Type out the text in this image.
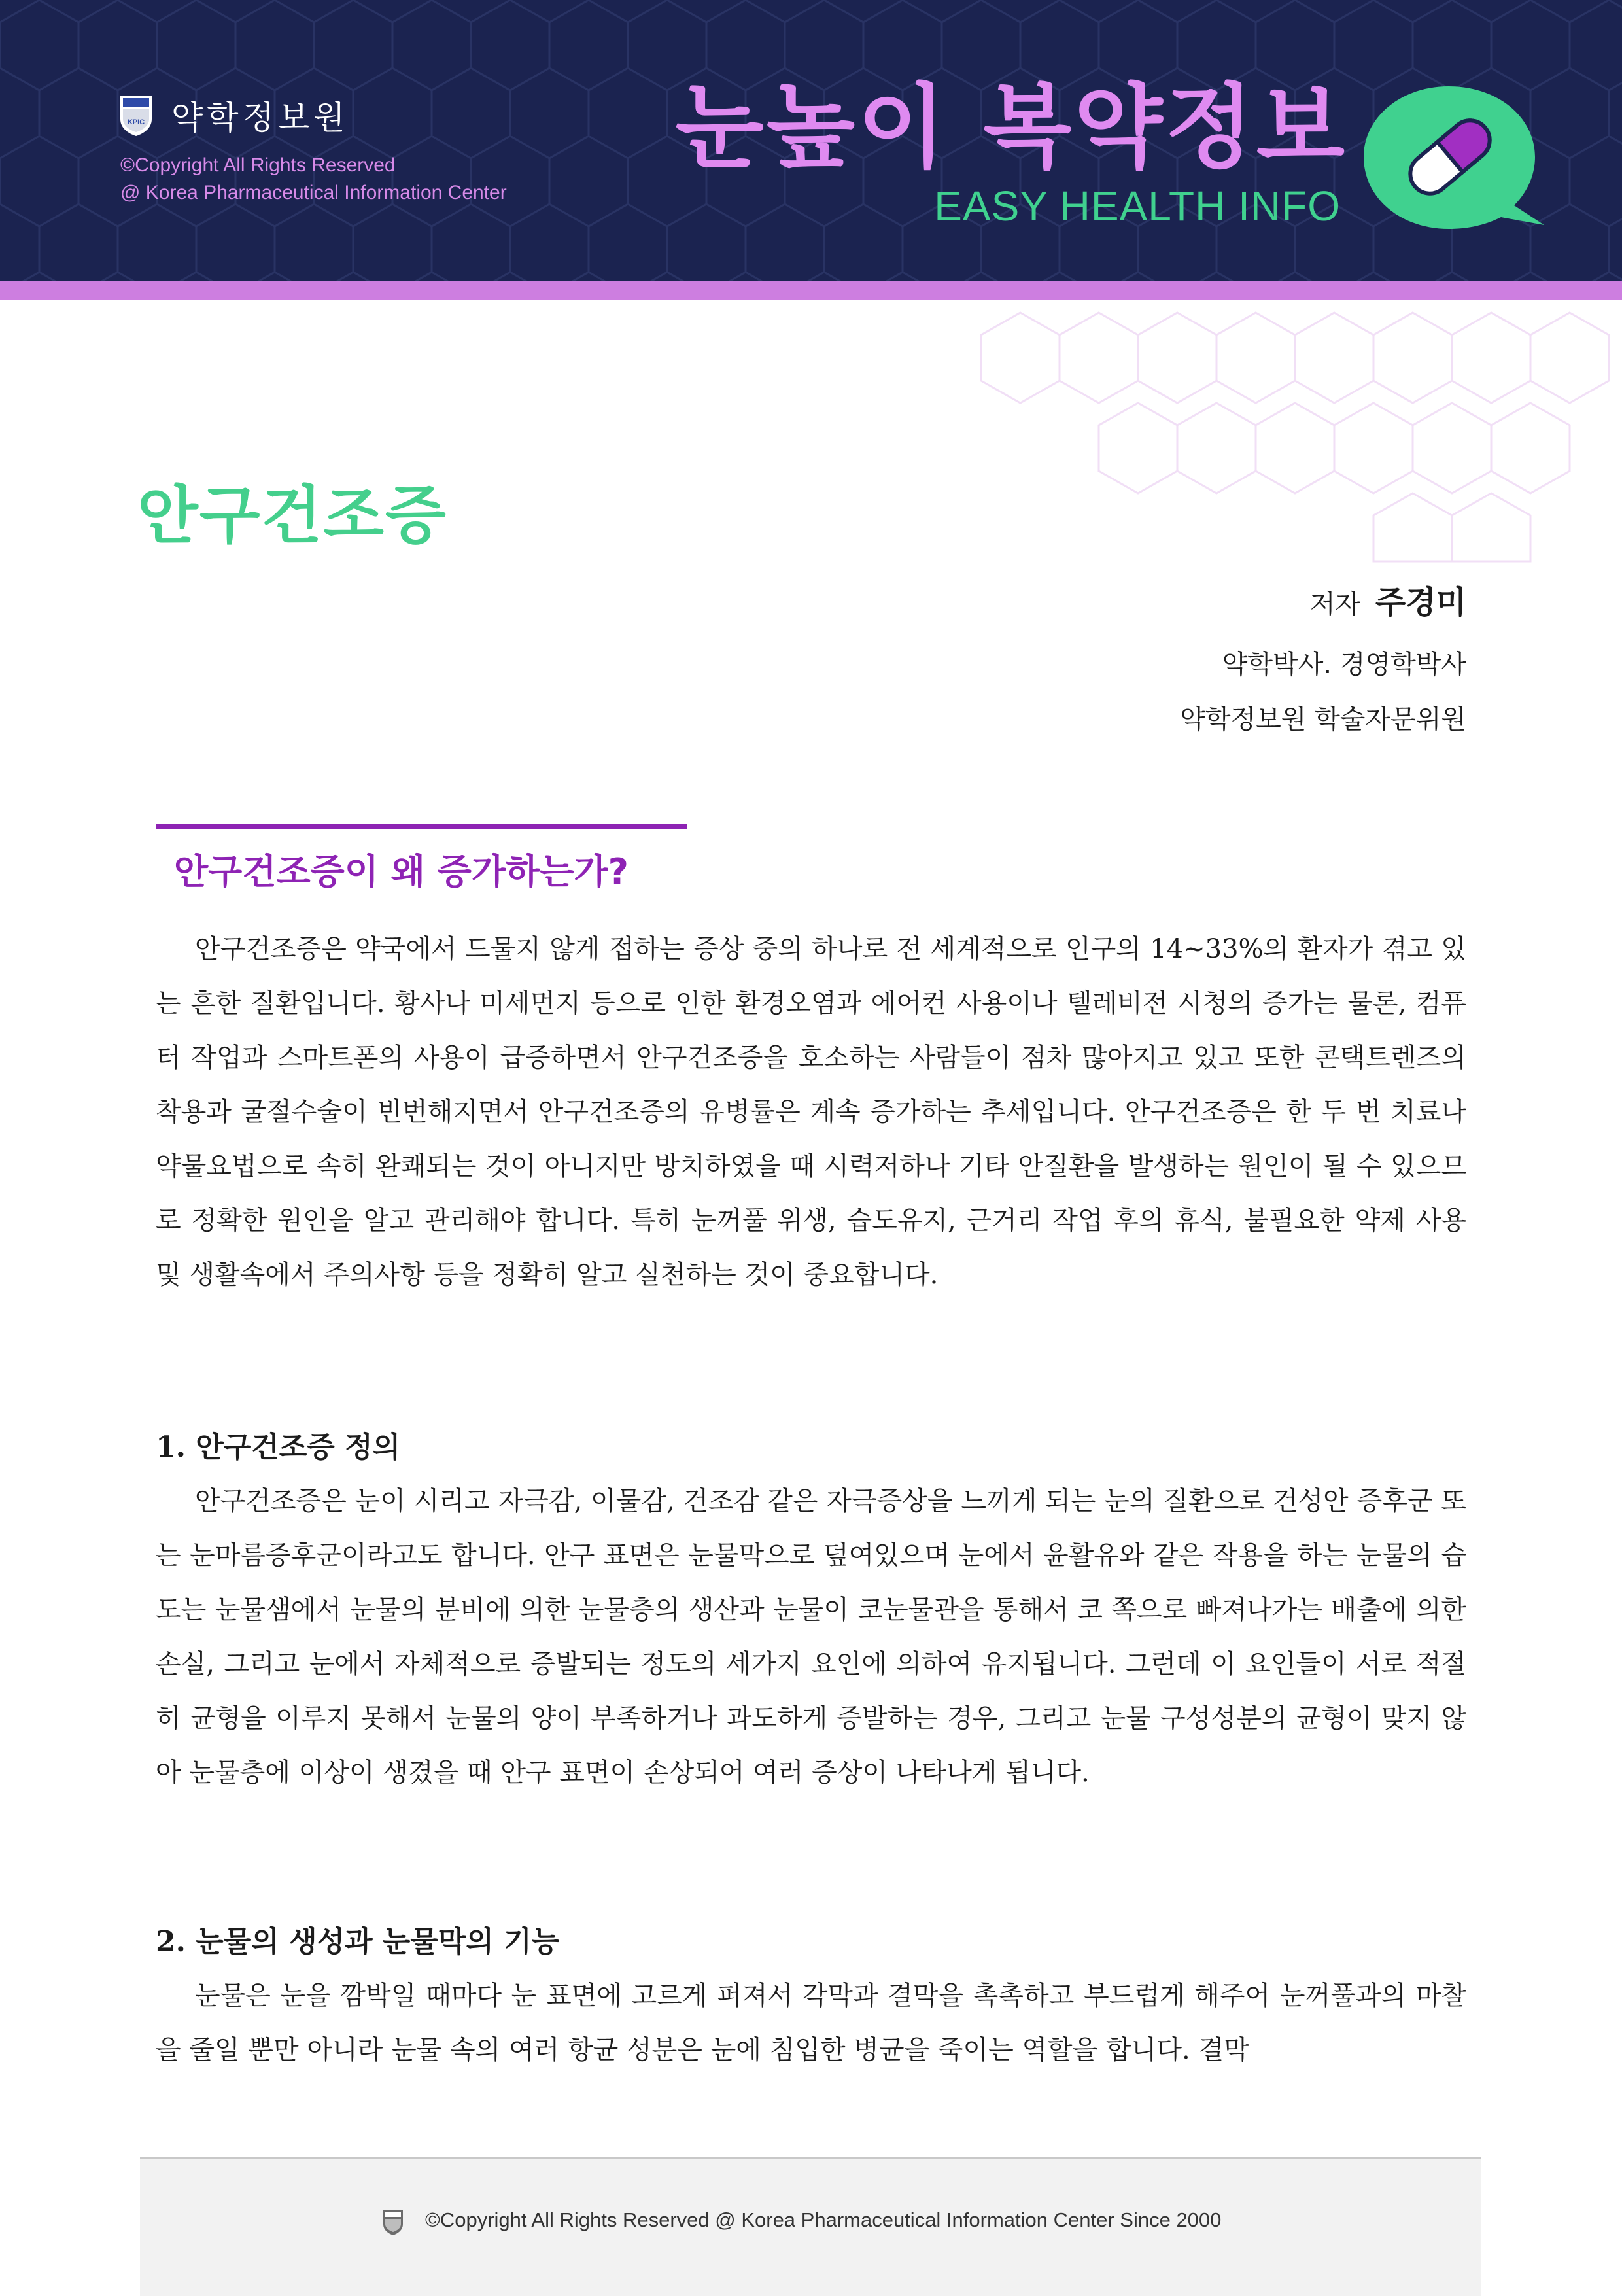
KPIC 약학정보원
©Copyright All Rights Reserved
@ Korea Pharmaceutical Information Center
눈높이 복약정보
EASY HEALTH INFO
안구건조증
저자 주경미
약학박사. 경영학박사
약학정보원 학술자문위원
안구건조증이 왜 증가하는가?

안구건조증은 약국에서 드물지 않게 접하는 증상 중의 하나로 전 세계적으로 인구의 14~33%의 환자가 겪고 있는 흔한 질환입니다. 황사나 미세먼지 등으로 인한 환경오염과 에어컨 사용이나 텔레비전 시청의 증가는 물론, 컴퓨터 작업과 스마트폰의 사용이 급증하면서 안구건조증을 호소하는 사람들이 점차 많아지고 있고 또한 콘택트렌즈의 착용과 굴절수술이 빈번해지면서 안구건조증의 유병률은 계속 증가하는 추세입니다. 안구건조증은 한 두 번 치료나 약물요법으로 속히 완쾌되는 것이 아니지만 방치하였을 때 시력저하나 기타 안질환을 발생하는 원인이 될 수 있으므로 정확한 원인을 알고 관리해야 합니다. 특히 눈꺼풀 위생, 습도유지, 근거리 작업 후의 휴식, 불필요한 약제 사용 및 생활속에서 주의사항 등을 정확히 알고 실천하는 것이 중요합니다.

1. 안구건조증 정의

안구건조증은 눈이 시리고 자극감, 이물감, 건조감 같은 자극증상을 느끼게 되는 눈의 질환으로 건성안 증후군 또는 눈마름증후군이라고도 합니다. 안구 표면은 눈물막으로 덮여있으며 눈에서 윤활유와 같은 작용을 하는 눈물의 습도는 눈물샘에서 눈물의 분비에 의한 눈물층의 생산과 눈물이 코눈물관을 통해서 코 쪽으로 빠져나가는 배출에 의한 손실, 그리고 눈에서 자체적으로 증발되는 정도의 세가지 요인에 의하여 유지됩니다. 그런데 이 요인들이 서로 적절히 균형을 이루지 못해서 눈물의 양이 부족하거나 과도하게 증발하는 경우, 그리고 눈물 구성성분의 균형이 맞지 않아 눈물층에 이상이 생겼을 때 안구 표면이 손상되어 여러 증상이 나타나게 됩니다.

2. 눈물의 생성과 눈물막의 기능

눈물은 눈을 깜박일 때마다 눈 표면에 고르게 퍼져서 각막과 결막을 촉촉하고 부드럽게 해주어 눈꺼풀과의 마찰을 줄일 뿐만 아니라 눈물 속의 여러 항균 성분은 눈에 침입한 병균을 죽이는 역할을 합니다. 결막

©Copyright All Rights Reserved @ Korea Pharmaceutical Information Center Since 2000
